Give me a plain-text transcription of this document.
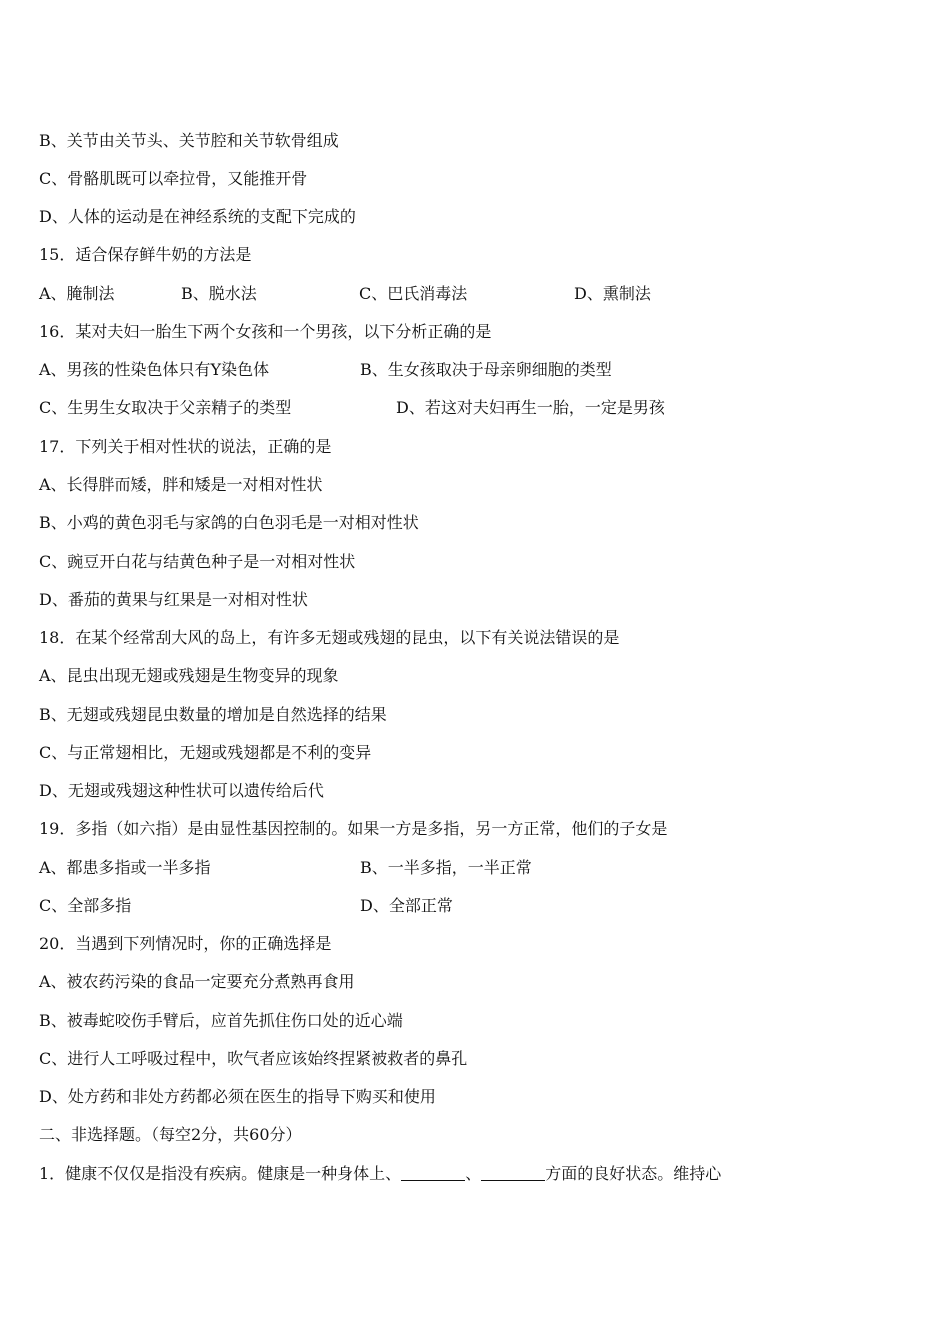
B、关节由关节头、关节腔和关节软骨组成
C、骨骼肌既可以牵拉骨，又能推开骨
D、人体的运动是在神经系统的支配下完成的
15．适合保存鲜牛奶的方法是
A、腌制法	B、脱水法	C、巴氏消毒法	D、熏制法
16．某对夫妇一胎生下两个女孩和一个男孩，以下分析正确的是
A、男孩的性染色体只有Y染色体	B、生女孩取决于母亲卵细胞的类型
C、生男生女取决于父亲精子的类型	D、若这对夫妇再生一胎，一定是男孩
17．下列关于相对性状的说法，正确的是
A、长得胖而矮，胖和矮是一对相对性状
B、小鸡的黄色羽毛与家鸽的白色羽毛是一对相对性状
C、豌豆开白花与结黄色种子是一对相对性状
D、番茄的黄果与红果是一对相对性状
18．在某个经常刮大风的岛上，有许多无翅或残翅的昆虫，以下有关说法错误的是
A、昆虫出现无翅或残翅是生物变异的现象
B、无翅或残翅昆虫数量的增加是自然选择的结果
C、与正常翅相比，无翅或残翅都是不利的变异
D、无翅或残翅这种性状可以遗传给后代
19．多指（如六指）是由显性基因控制的。如果一方是多指，另一方正常，他们的子女是
A、都患多指或一半多指	B、一半多指，一半正常
C、全部多指	D、全部正常
20．当遇到下列情况时，你的正确选择是
A、被农药污染的食品一定要充分煮熟再食用
B、被毒蛇咬伤手臂后，应首先抓住伤口处的近心端
C、进行人工呼吸过程中，吹气者应该始终捏紧被救者的鼻孔
D、处方药和非处方药都必须在医生的指导下购买和使用
二、非选择题。（每空2分，共60分）
1．健康不仅仅是指没有疾病。健康是一种身体上、	、	方面的良好状态。维持心
